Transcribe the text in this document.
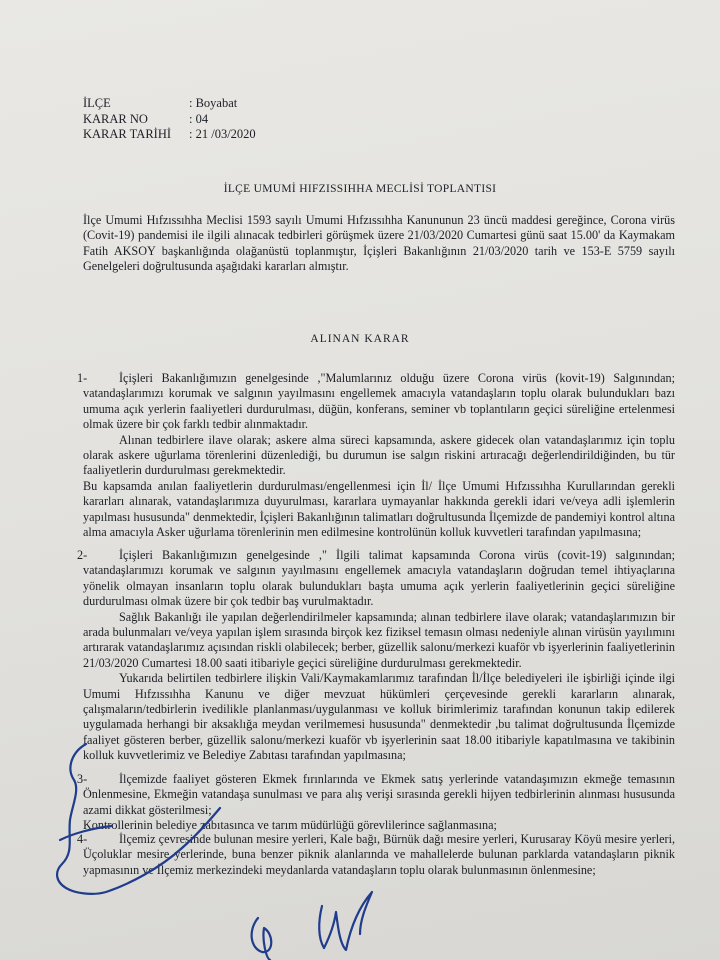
İLÇE	: Boyabat
KARAR NO	: 04
KARAR TARİHİ	: 21 /03/2020
İLÇE UMUMİ HIFZISSIHHA MECLİSİ TOPLANTISI

İlçe Umumi Hıfzıssıhha Meclisi 1593 sayılı Umumi Hıfzıssıhha Kanununun 23 üncü maddesi gereğince, Corona virüs (Covit-19) pandemisi ile ilgili alınacak tedbirleri görüşmek üzere 21/03/2020 Cumartesi günü saat 15.00' da Kaymakam Fatih AKSOY başkanlığında olağanüstü toplanmıştır, İçişleri Bakanlığının 21/03/2020 tarih ve 153-E 5759 sayılı Genelgeleri doğrultusunda aşağıdaki kararları almıştır.

ALINAN KARAR
1-	İçişleri Bakanlığımızın genelgesinde ,"Malumlarınız olduğu üzere Corona virüs (kovit-19) Salgınından; vatandaşlarımızı korumak ve salgının yayılmasını engellemek amacıyla vatandaşların toplu olarak bulundukları bazı umuma açık yerlerin faaliyetleri durdurulması, düğün, konferans, seminer vb toplantıların geçici süreliğine ertelenmesi olmak üzere bir çok farklı tedbir alınmaktadır.

Alınan tedbirlere ilave olarak; askere alma süreci kapsamında, askere gidecek olan vatandaşlarımız için toplu olarak askere uğurlama törenlerini düzenlediği, bu durumun ise salgın riskini artıracağı değerlendirildiğinden, bu tür faaliyetlerin durdurulması gerekmektedir.

Bu kapsamda anılan faaliyetlerin durdurulması/engellenmesi için İl/ İlçe Umumi Hıfzıssıhha Kurullarından gerekli kararları alınarak, vatandaşlarımıza duyurulması, kararlara uymayanlar hakkında gerekli idari ve/veya adli işlemlerin yapılması hususunda" denmektedir, İçişleri Bakanlığının talimatları doğrultusunda İlçemizde de pandemiyi kontrol altına alma amacıyla Asker uğurlama törenlerinin men edilmesine kontrolünün kolluk kuvvetleri tarafından yapılmasına;

2-	İçişleri Bakanlığımızın genelgesinde ," İlgili talimat kapsamında Corona virüs (covit-19) salgınından; vatandaşlarımızı korumak ve salgının yayılmasını engellemek amacıyla vatandaşların doğrudan temel ihtiyaçlarına yönelik olmayan insanların toplu olarak bulundukları başta umuma açık yerlerin faaliyetlerinin geçici süreliğine durdurulması olmak üzere bir çok tedbir baş vurulmaktadır.

Sağlık Bakanlığı ile yapılan değerlendirilmeler kapsamında; alınan tedbirlere ilave olarak; vatandaşlarımızın bir arada bulunmaları ve/veya yapılan işlem sırasında birçok kez fiziksel temasın olması nedeniyle alınan virüsün yayılımını artırarak vatandaşlarımız açısından riskli olabilecek; berber, güzellik salonu/merkezi kuaför vb işyerlerinin faaliyetlerinin 21/03/2020 Cumartesi 18.00 saati itibariyle geçici süreliğine durdurulması gerekmektedir.

Yukarıda belirtilen tedbirlere ilişkin Vali/Kaymakamlarımız tarafından İl/İlçe belediyeleri ile işbirliği içinde ilgi Umumi Hıfzıssıhha Kanunu ve diğer mevzuat hükümleri çerçevesinde gerekli kararların alınarak, çalışmaların/tedbirlerin ivedilikle planlanması/uygulanması ve kolluk birimlerimiz tarafından konunun takip edilerek uygulamada herhangi bir aksaklığa meydan verilmemesi hususunda" denmektedir ,bu talimat doğrultusunda İlçemizde faaliyet gösteren berber, güzellik salonu/merkezi kuaför vb işyerlerinin saat 18.00 itibariyle kapatılmasına ve takibinin kolluk kuvvetlerimiz ve Belediye Zabıtası tarafından yapılmasına;

3-	İlçemizde faaliyet gösteren Ekmek fırınlarında ve Ekmek satış yerlerinde vatandaşımızın ekmeğe temasının Önlenmesine, Ekmeğin vatandaşa sunulması ve para alış verişi sırasında gerekli hijyen tedbirlerinin alınması hususunda azami dikkat gösterilmesi;

Kontrollerinin belediye zabıtasınca ve tarım müdürlüğü görevlilerince sağlanmasına;

4-	İlçemiz çevresinde bulunan mesire yerleri, Kale bağı, Bürnük dağı mesire yerleri, Kurusaray Köyü mesire yerleri, Üçoluklar mesire yerlerinde, buna benzer piknik alanlarında ve mahallelerde bulunan parklarda vatandaşların piknik yapmasının ve İlçemiz merkezindeki meydanlarda vatandaşların toplu olarak bulunmasının önlenmesine;
